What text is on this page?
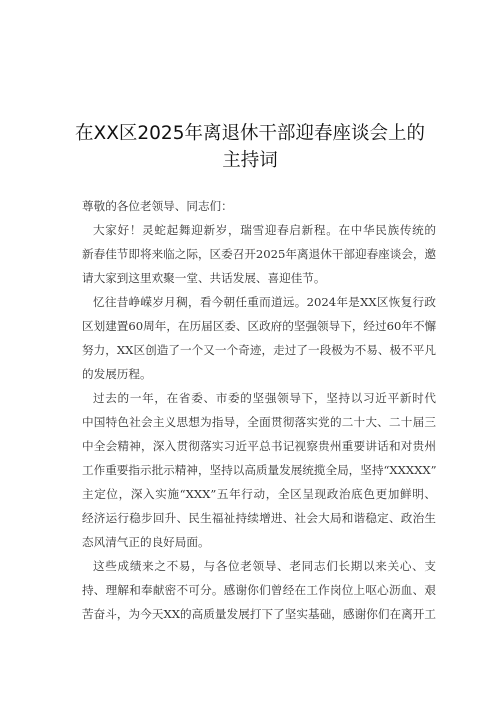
在XX区2025年离退休干部迎春座谈会上的
主持词
尊敬的各位老领导、同志们：
大家好！灵蛇起舞迎新岁，瑞雪迎春启新程。在中华民族传统的
新春佳节即将来临之际，区委召开2025年离退休干部迎春座谈会，邀
请大家到这里欢聚一堂、共话发展、喜迎佳节。
忆往昔峥嵘岁月稠，看今朝任重而道远。2024年是XX区恢复行政
区划建置60周年，在历届区委、区政府的坚强领导下，经过60年不懈
努力，XX区创造了一个又一个奇迹，走过了一段极为不易、极不平凡
的发展历程。
过去的一年，在省委、市委的坚强领导下，坚持以习近平新时代
中国特色社会主义思想为指导，全面贯彻落实党的二十大、二十届三
中全会精神，深入贯彻落实习近平总书记视察贵州重要讲话和对贵州
工作重要指示批示精神，坚持以高质量发展统揽全局，坚持“XXXXX”
主定位，深入实施“XXX”五年行动，全区呈现政治底色更加鲜明、
经济运行稳步回升、民生福祉持续增进、社会大局和谐稳定、政治生
态风清气正的良好局面。
这些成绩来之不易，与各位老领导、老同志们长期以来关心、支
持、理解和奉献密不可分。感谢你们曾经在工作岗位上呕心沥血、艰
苦奋斗，为今天XX的高质量发展打下了坚实基础，感谢你们在离开工
